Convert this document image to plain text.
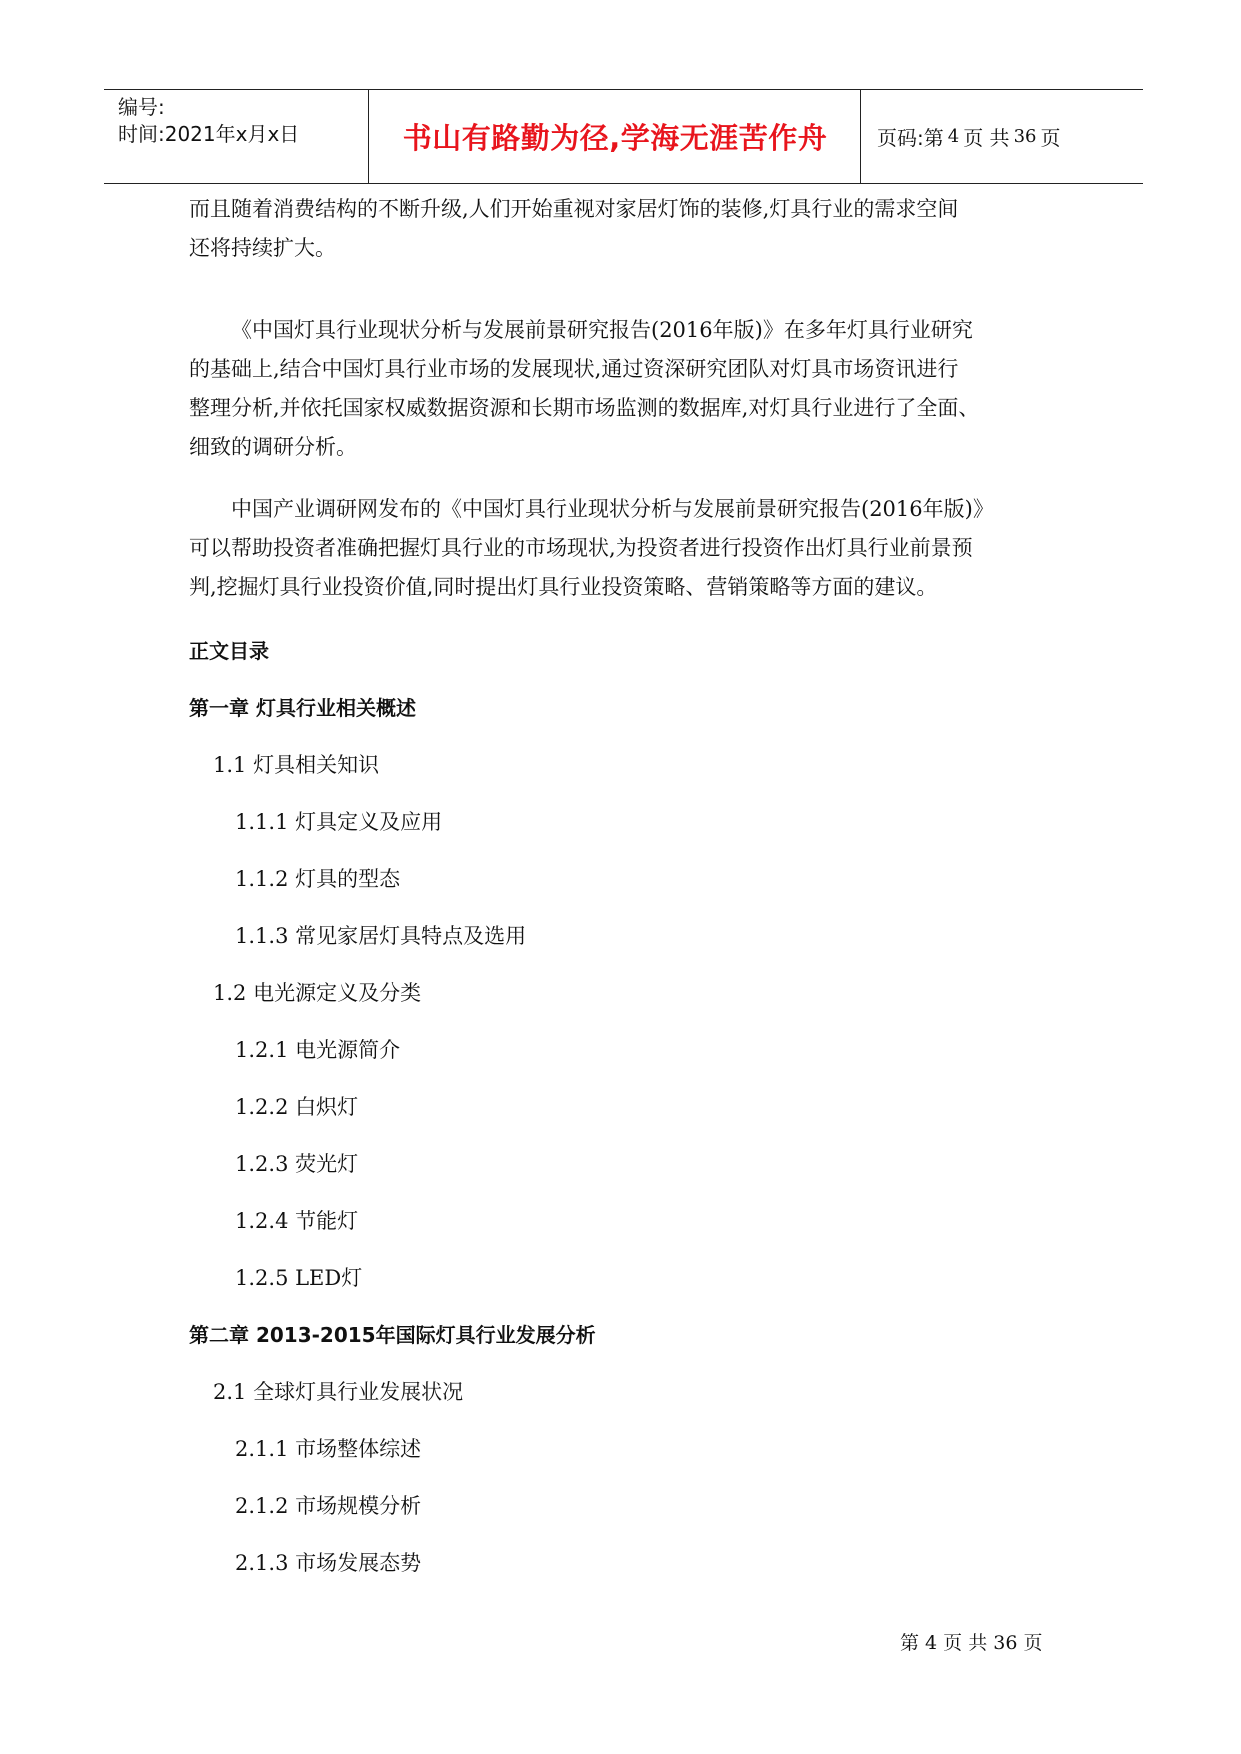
编号:
时间:2021年x月x日	书山有路勤为径,学海无涯苦作舟	页码:第 4 页 共 36 页
而且随着消费结构的不断升级,人们开始重视对家居灯饰的装修,灯具行业的需求空间
还将持续扩大。
《中国灯具行业现状分析与发展前景研究报告(2016年版)》在多年灯具行业研究
的基础上,结合中国灯具行业市场的发展现状,通过资深研究团队对灯具市场资讯进行
整理分析,并依托国家权威数据资源和长期市场监测的数据库,对灯具行业进行了全面、
细致的调研分析。
中国产业调研网发布的《中国灯具行业现状分析与发展前景研究报告(2016年版)》
可以帮助投资者准确把握灯具行业的市场现状,为投资者进行投资作出灯具行业前景预
判,挖掘灯具行业投资价值,同时提出灯具行业投资策略、营销策略等方面的建议。
正文目录
第一章 灯具行业相关概述
1.1 灯具相关知识
1.1.1 灯具定义及应用
1.1.2 灯具的型态
1.1.3 常见家居灯具特点及选用
1.2 电光源定义及分类
1.2.1 电光源简介
1.2.2 白炽灯
1.2.3 荧光灯
1.2.4 节能灯
1.2.5 LED灯
第二章 2013-2015年国际灯具行业发展分析
2.1 全球灯具行业发展状况
2.1.1 市场整体综述
2.1.2 市场规模分析
2.1.3 市场发展态势
第 4 页 共 36 页
